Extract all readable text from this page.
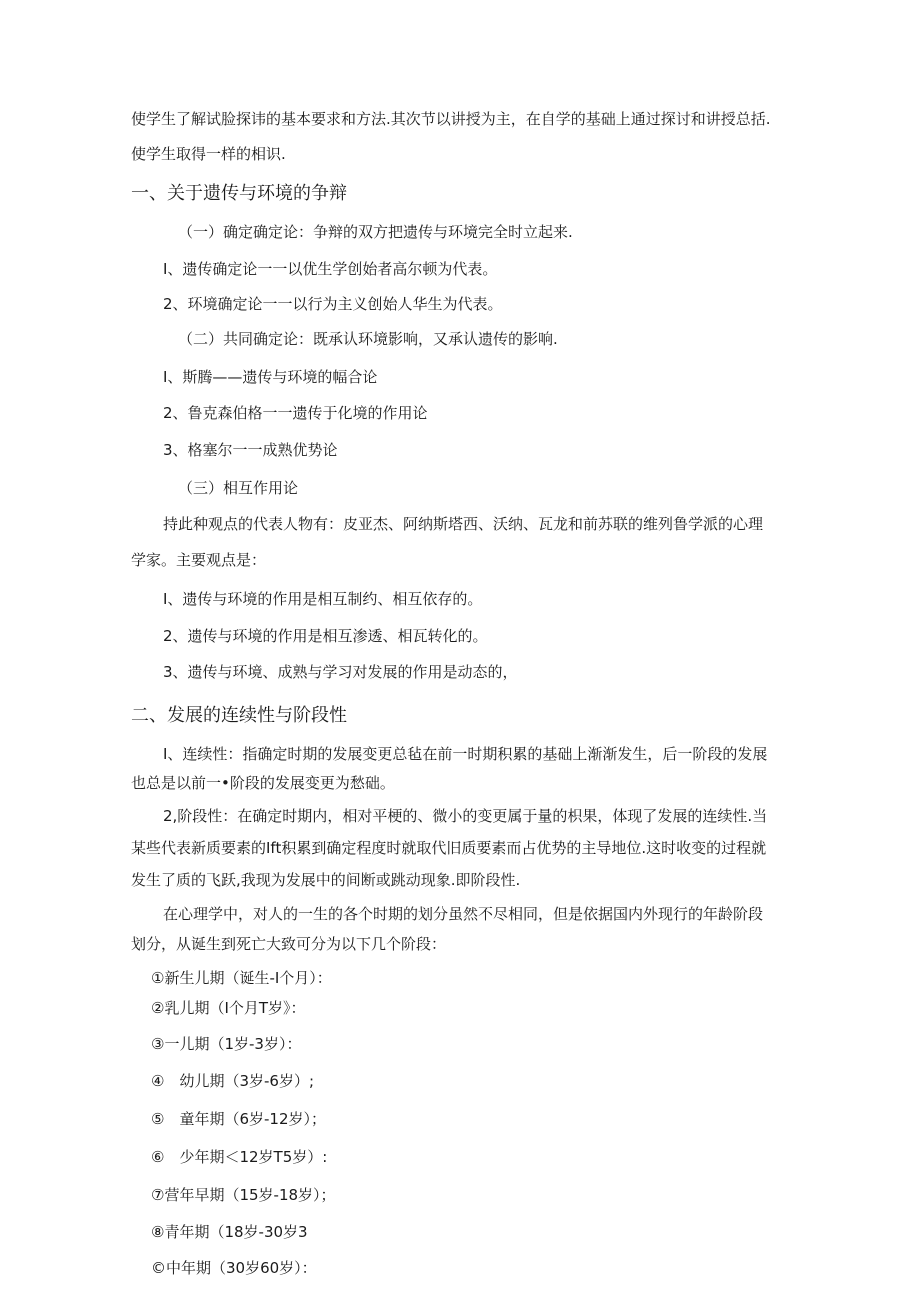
使学生了解试脸探讳的基本要求和方法.其次节以讲授为主，在自学的基础上通过探讨和讲授总括.
使学生取得一样的相识.
一、关于遗传与环境的争辩
（一）确定确定论：争辩的双方把遗传与环境完全时立起来.
I、遗传确定论一一以优生学创始者高尔顿为代表。
2、环境确定论一一以行为主义创始人华生为代表。
（二）共同确定论：既承认环境影响，又承认遗传的影响.
I、斯腾——遗传与环境的幅合论
2、鲁克森伯格一一遗传于化境的作用论
3、格塞尔一一成熟优势论
（三）相互作用论
持此种观点的代表人物有：皮亚杰、阿纳斯塔西、沃纳、瓦龙和前苏联的维列鲁学派的心理
学家。主要观点是：
I、遗传与环境的作用是相互制约、相互依存的。
2、遗传与环境的作用是相互渗透、相瓦转化的。
3、遗传与环境、成熟与学习对发展的作用是动态的，
二、发展的连续性与阶段性
I、连续性：指确定时期的发展变更总毡在前一时期积累的基础上渐渐发生，后一阶段的发展
也总是以前一•阶段的发展变更为愁础。
2,阶段性：在确定时期内，相对平梗的、微小的变更属于量的枳果，体现了发展的连续性.当
某些代表新质要素的Ift积累到确定程度时就取代旧质要素而占优势的主导地位.这时收变的过程就
发生了质的飞跃,我现为发展中的间断或跳动现象.即阶段性.
在心理学中，对人的一生的各个时期的划分虽然不尽相同，但是依据国内外现行的年龄阶段
划分，从诞生到死亡大致可分为以下几个阶段：
①新生儿期（诞生-I个月）：
②乳儿期（I个月T岁》：
③一儿期（1岁-3岁）：
④　幼儿期（3岁-6岁）;
⑤　童年期（6岁-12岁）；
⑥　少年期＜12岁T5岁）:
⑦营年早期（15岁-18岁）；
⑧青年期（18岁-30岁3
©中年期（30岁60岁）：
